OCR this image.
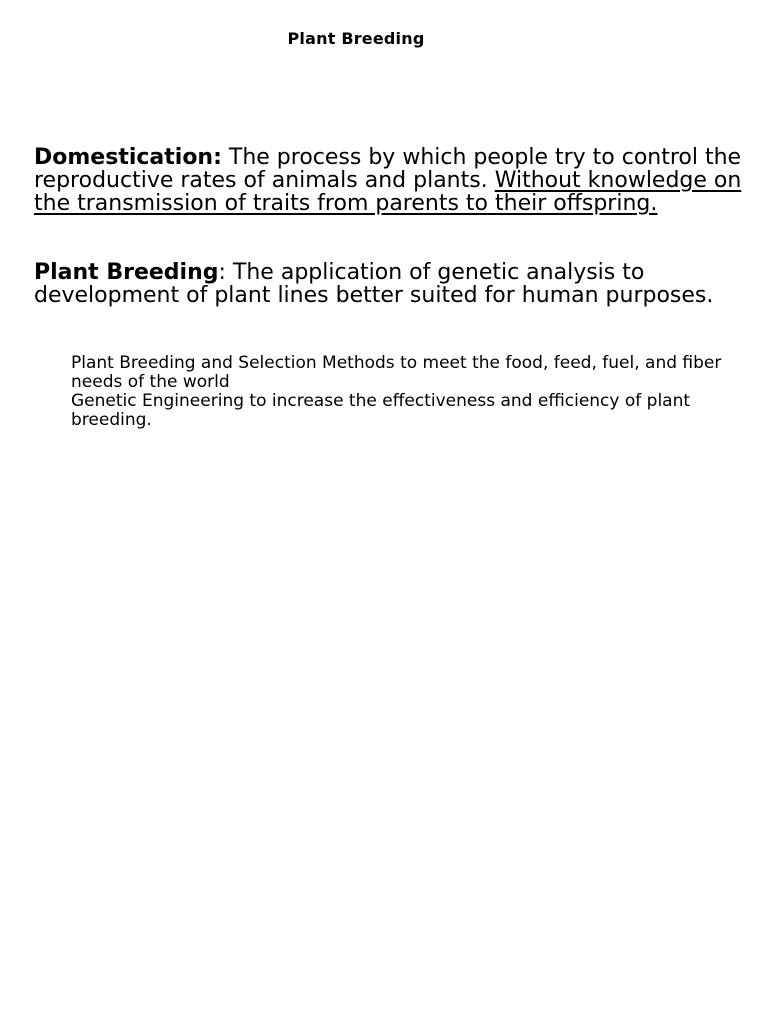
Plant Breeding

Domestication: The process by which people try to control the reproductive rates of animals and plants. Without knowledge on the transmission of traits from parents to their offspring.

Plant Breeding: The application of genetic analysis to development of plant lines better suited for human purposes.

Plant Breeding and Selection Methods to meet the food, feed, fuel, and fiber needs of the world
Genetic Engineering to increase the effectiveness and efficiency of plant breeding.
